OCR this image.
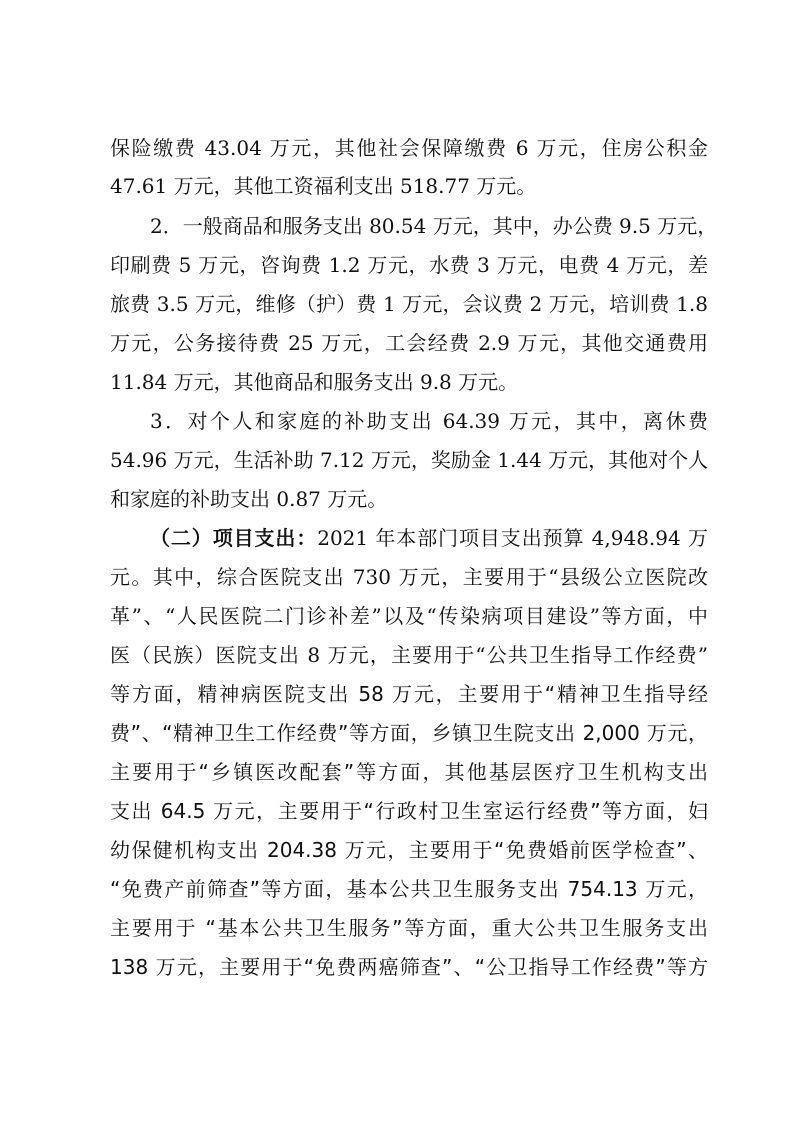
保险缴费 43.04 万元，其他社会保障缴费 6 万元，住房公积金
47.61 万元，其他工资福利支出 518.77 万元。
2．一般商品和服务支出 80.54 万元，其中，办公费 9.5 万元，
印刷费 5 万元，咨询费 1.2 万元，水费 3 万元，电费 4 万元，差
旅费 3.5 万元，维修（护）费 1 万元，会议费 2 万元，培训费 1.8
万元，公务接待费 25 万元，工会经费 2.9 万元，其他交通费用
11.84 万元，其他商品和服务支出 9.8 万元。
3．对个人和家庭的补助支出 64.39 万元，其中，离休费
54.96 万元，生活补助 7.12 万元，奖励金 1.44 万元，其他对个人
和家庭的补助支出 0.87 万元。
（二）项目支出：2021 年本部门项目支出预算 4,948.94 万
元。其中，综合医院支出 730 万元，主要用于“县级公立医院改
革”、“人民医院二门诊补差”以及“传染病项目建设”等方面，中
医（民族）医院支出 8 万元，主要用于“公共卫生指导工作经费”
等方面，精神病医院支出 58 万元，主要用于“精神卫生指导经
费”、“精神卫生工作经费”等方面，乡镇卫生院支出 2,000 万元，
主要用于“乡镇医改配套”等方面，其他基层医疗卫生机构支出
支出 64.5 万元，主要用于“行政村卫生室运行经费”等方面，妇
幼保健机构支出 204.38 万元，主要用于“免费婚前医学检查”、
“免费产前筛查”等方面，基本公共卫生服务支出 754.13 万元，
主要用于 “基本公共卫生服务”等方面，重大公共卫生服务支出
138 万元，主要用于“免费两癌筛查”、“公卫指导工作经费”等方
